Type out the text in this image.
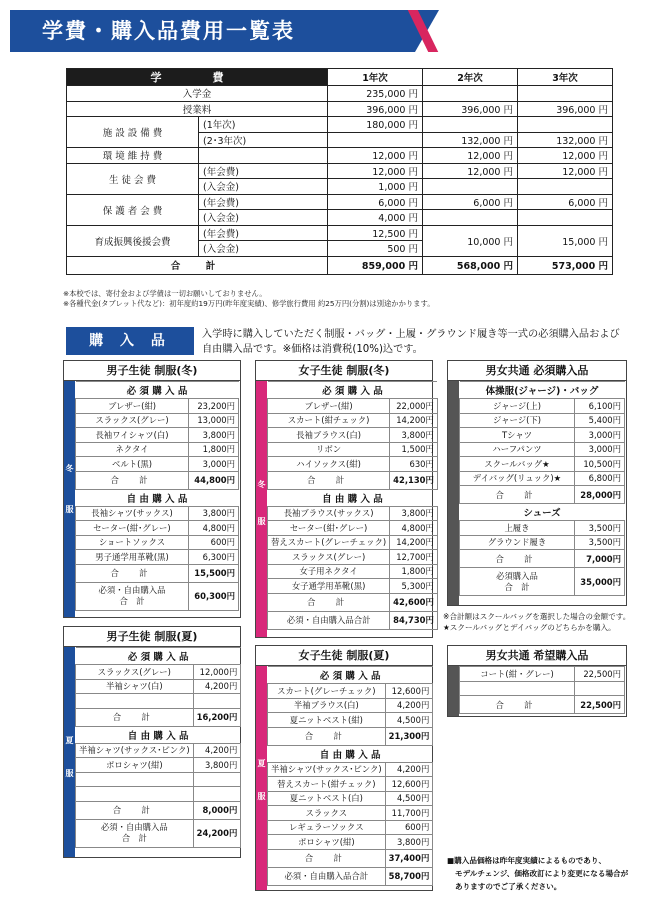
学費・購入品費用一覧表
学　費		1年次	2年次	3年次
入学金		235,000 円		
授業料		396,000 円	396,000 円	396,000 円
施 設 設 備 費	(1年次)	180,000 円		
	(2･3年次)		132,000 円	132,000 円
環 境 維 持 費		12,000 円	12,000 円	12,000 円
生 徒 会 費	(年会費)	12,000 円	12,000 円	12,000 円
	(入会金)	1,000 円		
保 護 者 会 費	(年会費)	6,000 円	6,000 円	6,000 円
	(入会金)	4,000 円		
育成振興後援会費	(年会費)	12,500 円	10,000 円	15,000 円
	(入会金)	500 円		
合　計		859,000 円	568,000 円	573,000 円
※本校では、寄付金および学債は一切お願いしておりません。
※各種代金(タブレット代など)：初年度約19万円(昨年度実績)、修学旅行費用 約25万円(分割)は別途かかります。
購 入 品	入学時に購入していただく制服・バッグ・上履・グラウンド履き等一式の必須購入品および
自由購入品です。※価格は消費税(10%)込です。
男子生徒 制服(冬)
冬
服
必 須 購 入 品	
ブレザー(紺)	23,200円
スラックス(グレー)	13,000円
長袖ワイシャツ(白)	3,800円
ネクタイ	1,800円
ベルト(黒)	3,000円
合　計	44,800円
自 由 購 入 品	
長袖シャツ(サックス)	3,800円
セーター(紺･グレー)	4,800円
ショートソックス	600円
男子通学用革靴(黒)	6,300円
合　計	15,500円

必須・自由購入品
合　計	60,300円
男子生徒 制服(夏)
夏
服
必 須 購 入 品	
スラックス(グレー)	12,000円
半袖シャツ(白)	4,200円

合　計	16,200円
自 由 購 入 品	
半袖シャツ(サックス･ピンク)	4,200円
ポロシャツ(紺)	3,800円

合　計	8,000円

必須・自由購入品
合　計	24,200円
女子生徒 制服(冬)
冬
服
必 須 購 入 品	
ブレザー(紺)	22,000円
スカート(紺チェック)	14,200円
長袖ブラウス(白)	3,800円
リボン	1,500円
ハイソックス(紺)	630円
合　計	42,130円
自 由 購 入 品	
長袖ブラウス(サックス)	3,800円
セーター(紺･グレー)	4,800円
替えスカート(グレーチェック)	14,200円
スラックス(グレー)	12,700円
女子用ネクタイ	1,800円
女子通学用革靴(黒)	5,300円
合　計	42,600円
必須・自由購入品合計	84,730円
女子生徒 制服(夏)
夏
服
必 須 購 入 品	
スカート(グレーチェック)	12,600円
半袖ブラウス(白)	4,200円
夏ニットベスト(紺)	4,500円
合　計	21,300円
自 由 購 入 品	
半袖シャツ(サックス･ピンク)	4,200円
替えスカート(紺チェック)	12,600円
夏ニットベスト(白)	4,500円
スラックス	11,700円
レギュラーソックス	600円
ポロシャツ(紺)	3,800円
合　計	37,400円
必須・自由購入品合計	58,700円
男女共通 必須購入品
体操服(ジャージ)・バッグ	
ジャージ(上)	6,100円
ジャージ(下)	5,400円
Tシャツ	3,000円
ハーフパンツ	3,000円
スクールバッグ★	10,500円
デイバッグ(リュック)★	6,800円
合　計	28,000円
シューズ	
上履き	3,500円
グラウンド履き	3,500円
合　計	7,000円

必須購入品
合　計	35,000円
※合計額はスクールバッグを選択した場合の金額です。
★スクールバッグとデイバッグのどちらかを購入。
男女共通 希望購入品
コート(紺・グレー)	22,500円

合　計	22,500円
■購入品価格は昨年度実績によるものであり、
モデルチェンジ、価格改訂により変更になる場合が
ありますのでご了承ください。
